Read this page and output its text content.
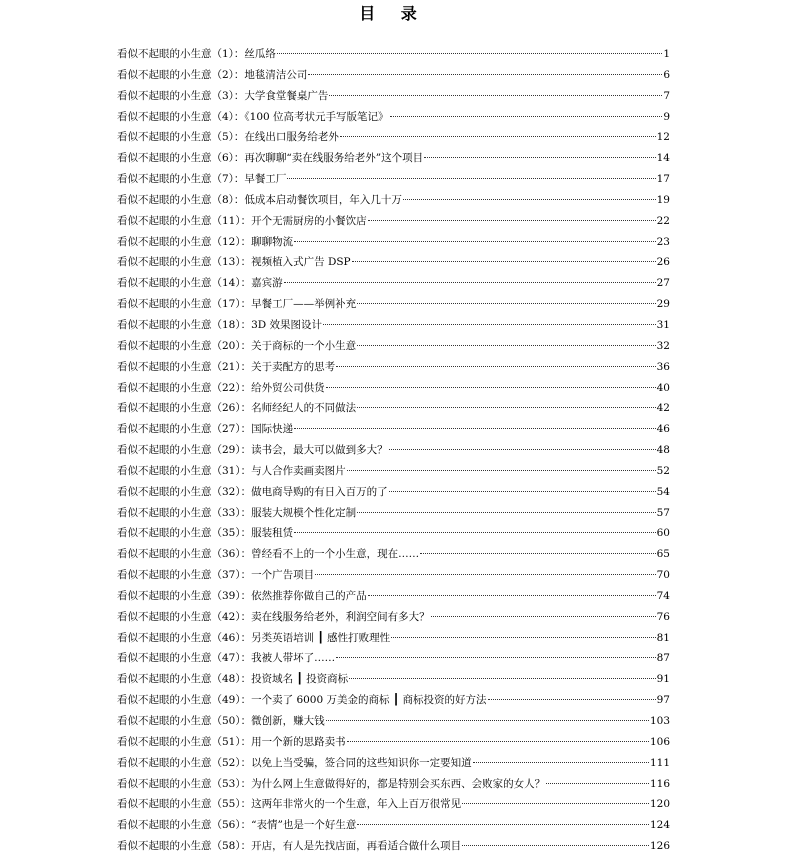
目 录
看似不起眼的小生意（1）：丝瓜络	1
看似不起眼的小生意（2）：地毯清洁公司	6
看似不起眼的小生意（3）：大学食堂餐桌广告	7
看似不起眼的小生意（4）：《100 位高考状元手写版笔记》	9
看似不起眼的小生意（5）：在线出口服务给老外	12
看似不起眼的小生意（6）：再次聊聊“卖在线服务给老外”这个项目	14
看似不起眼的小生意（7）：早餐工厂	17
看似不起眼的小生意（8）：低成本启动餐饮项目，年入几十万	19
看似不起眼的小生意（11）：开个无需厨房的小餐饮店	22
看似不起眼的小生意（12）：聊聊物流	23
看似不起眼的小生意（13）：视频植入式广告 DSP	26
看似不起眼的小生意（14）：嘉宾游	27
看似不起眼的小生意（17）：早餐工厂——举例补充	29
看似不起眼的小生意（18）：3D 效果图设计	31
看似不起眼的小生意（20）：关于商标的一个小生意	32
看似不起眼的小生意（21）：关于卖配方的思考	36
看似不起眼的小生意（22）：给外贸公司供货	40
看似不起眼的小生意（26）：名师经纪人的不同做法	42
看似不起眼的小生意（27）：国际快递	46
看似不起眼的小生意（29）：读书会，最大可以做到多大？	48
看似不起眼的小生意（31）：与人合作卖画卖图片	52
看似不起眼的小生意（32）：做电商导购的有日入百万的了	54
看似不起眼的小生意（33）：服装大规模个性化定制	57
看似不起眼的小生意（35）：服装租赁	60
看似不起眼的小生意（36）：曾经看不上的一个小生意，现在……	65
看似不起眼的小生意（37）：一个广告项目	70
看似不起眼的小生意（39）：依然推荐你做自己的产品	74
看似不起眼的小生意（42）：卖在线服务给老外，利润空间有多大？	76
看似不起眼的小生意（46）：另类英语培训 ┃ 感性打败理性	81
看似不起眼的小生意（47）：我被人带坏了……	87
看似不起眼的小生意（48）：投资域名 ┃ 投资商标	91
看似不起眼的小生意（49）：一个卖了 6000 万美金的商标 ┃ 商标投资的好方法	97
看似不起眼的小生意（50）：微创新，赚大钱	103
看似不起眼的小生意（51）：用一个新的思路卖书	106
看似不起眼的小生意（52）：以免上当受骗，签合同的这些知识你一定要知道	111
看似不起眼的小生意（53）：为什么网上生意做得好的，都是特别会买东西、会败家的女人？	116
看似不起眼的小生意（55）：这两年非常火的一个生意，年入上百万很常见	120
看似不起眼的小生意（56）：“表情”也是一个好生意	124
看似不起眼的小生意（58）：开店，有人是先找店面，再看适合做什么项目	126
